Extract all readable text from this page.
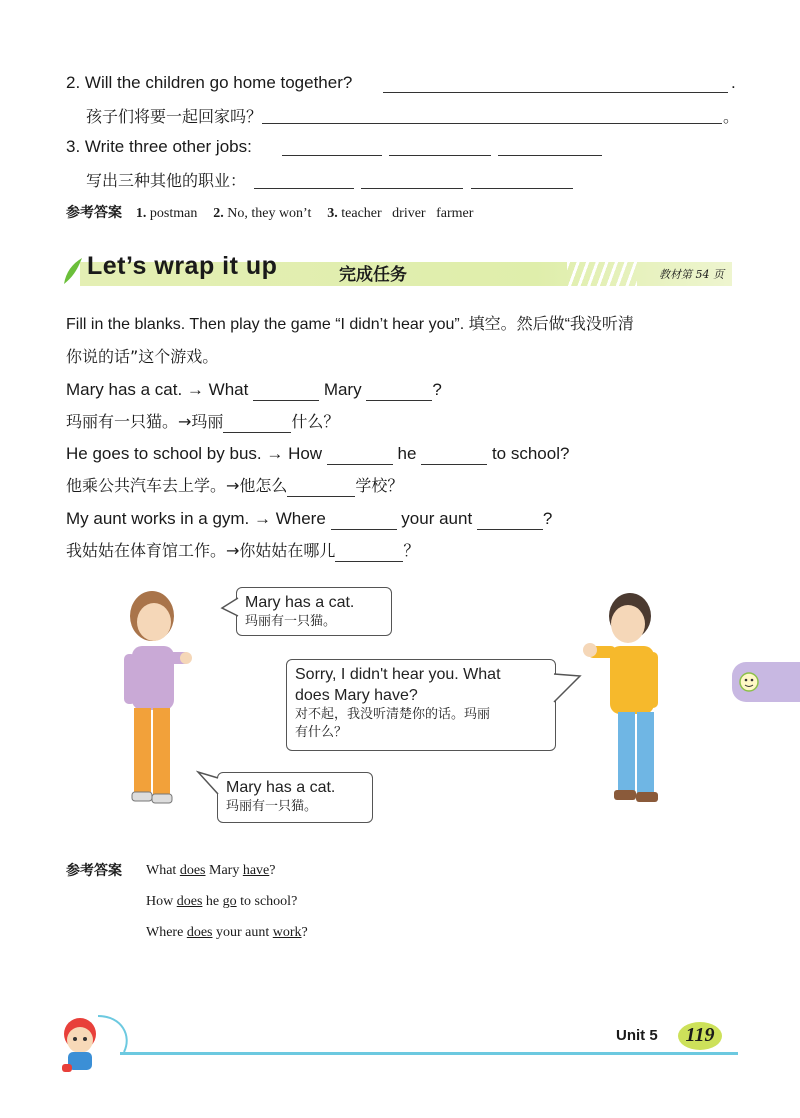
2. Will the children go home together?	.
孩子们将要一起回家吗？	。
3. Write three other jobs:
写出三种其他的职业：
参考答案 1. postman 2. No, they won’t 3. teacher   driver   farmer
Let’s wrap it up	完成任务	教材第 54 页
Fill in the blanks. Then play the game “I didn’t hear you”. 填空。然后做“我没听清
你说的话”这个游戏。
Mary has a cat. → What	Mary	?
玛丽有一只猫。→玛丽	什么？
He goes to school by bus. → How	he	to school?
他乘公共汽车去上学。→他怎么	学校？
My aunt works in a gym. → Where	your aunt	?
我姑姑在体育馆工作。→你姑姑在哪儿	？
Mary has a cat.
玛丽有一只猫。
Sorry, I didn't hear you. What
does Mary have?
对不起，我没听清楚你的话。玛丽
有什么？
Mary has a cat.
玛丽有一只猫。
参考答案 What does Mary have?
How does he go to school?
Where does your aunt work?
Unit 5	119
